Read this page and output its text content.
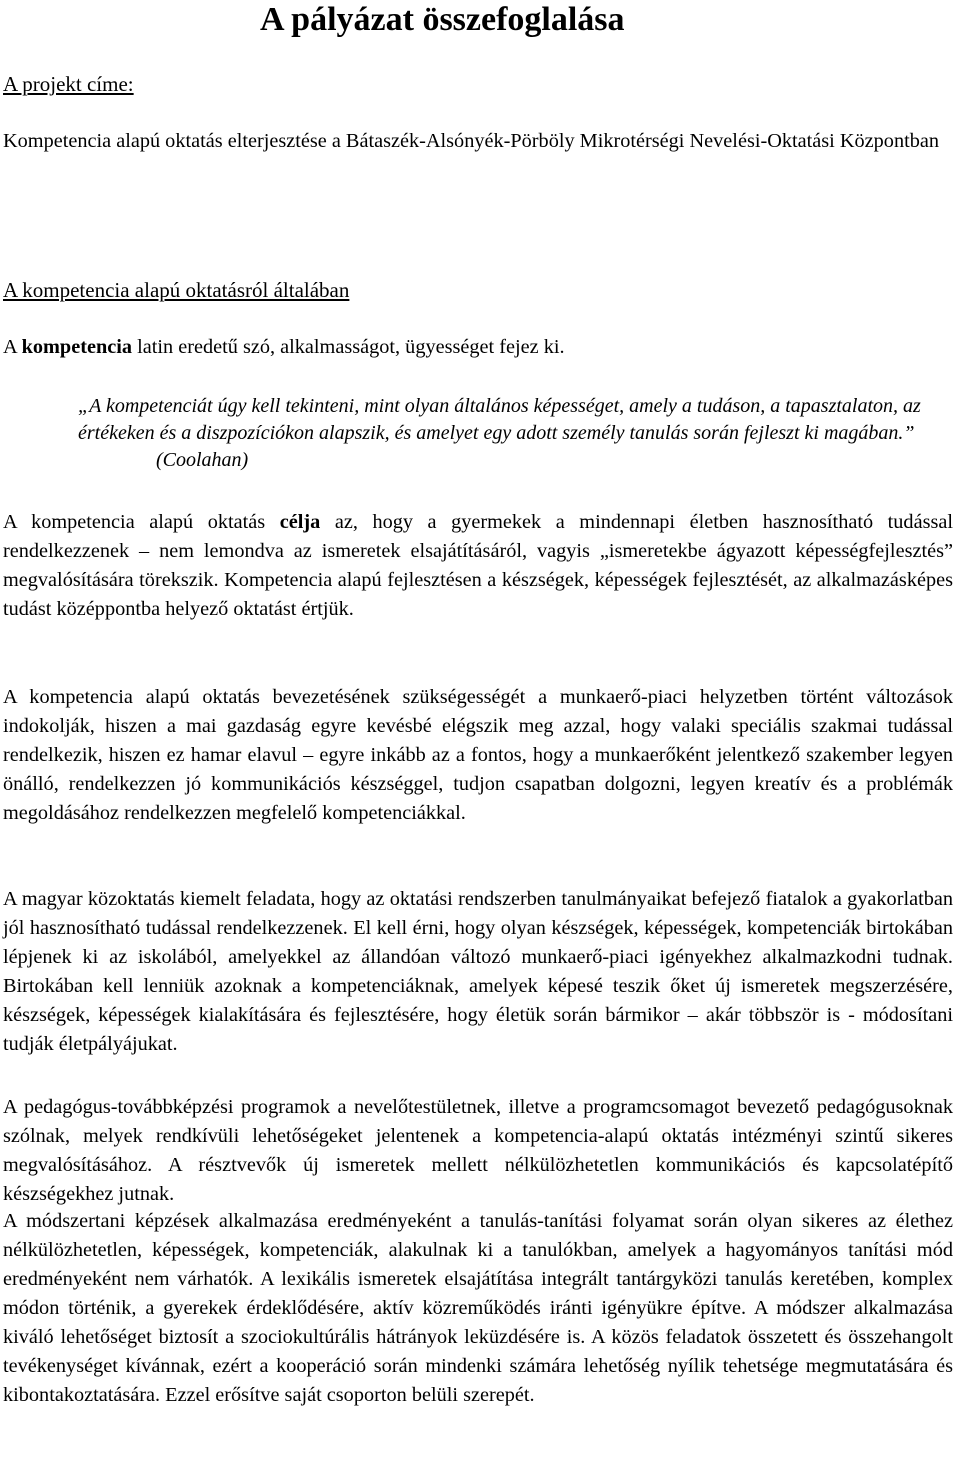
A pályázat összefoglalása

A projekt címe:

Kompetencia alapú oktatás elterjesztése a Bátaszék-Alsónyék-Pörböly Mikrotérségi Nevelési-Oktatási Központban

A kompetencia alapú oktatásról általában

A kompetencia latin eredetű szó, alkalmasságot, ügyességet fejez ki.

„A kompetenciát úgy kell tekinteni, mint olyan általános képességet, amely a tudáson, a tapasztalaton, az értékeken és a diszpozíciókon alapszik, és amelyet egy adott személy tanulás során fejleszt ki magában.”(Coolahan)

A kompetencia alapú oktatás célja az, hogy a gyermekek a mindennapi életben hasznosítható tudással rendelkezzenek – nem lemondva az ismeretek elsajátításáról, vagyis „ismeretekbe ágyazott képességfejlesztés” megvalósítására törekszik. Kompetencia alapú fejlesztésen a készségek, képességek fejlesztését, az alkalmazásképes tudást középpontba helyező oktatást értjük.

A kompetencia alapú oktatás bevezetésének szükségességét a munkaerő-piaci helyzetben történt változások indokolják, hiszen a mai gazdaság egyre kevésbé elégszik meg azzal, hogy valaki speciális szakmai tudással rendelkezik, hiszen ez hamar elavul – egyre inkább az a fontos, hogy a munkaerőként jelentkező szakember legyen önálló, rendelkezzen jó kommunikációs készséggel, tudjon csapatban dolgozni, legyen kreatív és a problémák megoldásához rendelkezzen megfelelő kompetenciákkal.

A magyar közoktatás kiemelt feladata, hogy az oktatási rendszerben tanulmányaikat befejező fiatalok a gyakorlatban jól hasznosítható tudással rendelkezzenek. El kell érni, hogy olyan készségek, képességek, kompetenciák birtokában lépjenek ki az iskolából, amelyekkel az állandóan változó munkaerő-piaci igényekhez alkalmazkodni tudnak. Birtokában kell lenniük azoknak a kompetenciáknak, amelyek képesé teszik őket új ismeretek megszerzésére, készségek, képességek kialakítására és fejlesztésére, hogy életük során bármikor – akár többször is - módosítani tudják életpályájukat.

A pedagógus-továbbképzési programok a nevelőtestületnek, illetve a programcsomagot bevezető pedagógusoknak szólnak, melyek rendkívüli lehetőségeket jelentenek a kompetencia-alapú oktatás intézményi szintű sikeres megvalósításához. A résztvevők új ismeretek mellett nélkülözhetetlen kommunikációs és kapcsolatépítő készségekhez jutnak.

A módszertani képzések alkalmazása eredményeként a tanulás-tanítási folyamat során olyan sikeres az élethez nélkülözhetetlen, képességek, kompetenciák, alakulnak ki a tanulókban, amelyek a hagyományos tanítási mód eredményeként nem várhatók. A lexikális ismeretek elsajátítása integrált tantárgyközi tanulás keretében, komplex módon történik, a gyerekek érdeklődésére, aktív közreműködés iránti igényükre építve. A módszer alkalmazása kiváló lehetőséget biztosít a szociokultúrális hátrányok leküzdésére is. A közös feladatok összetett és összehangolt tevékenységet kívánnak, ezért a kooperáció során mindenki számára lehetőség nyílik tehetsége megmutatására és kibontakoztatására. Ezzel erősítve saját csoporton belüli szerepét.
